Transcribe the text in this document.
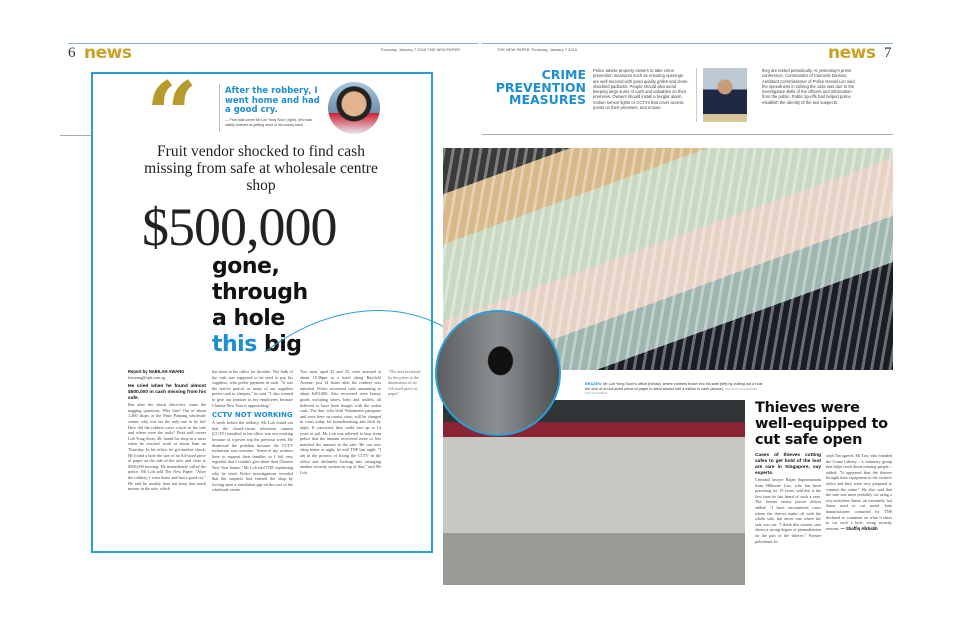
6 news	Thursday, January 7 2016 THE NEW PAPER	THE NEW PAPER Thursday, January 7 2016	news 7
“	After the robbery, I went home and had a good cry.
— Fruit stall owner Mr Loh Yong Soon (right), who was visibly relieved at getting most of his money back
Fruit vendor shocked to find cash missing from safe at wholesale centre shop
$500,000
gone,
through
a hole
this big
Report by NABILAH AWANG
fnawang@sph.com.sg
He cried when he found almost $500,000 in cash missing from his safe.
But after the shock discovery came the nagging questions. Why him? Out of about 1,400 shops at the Pasir Panjang wholesale centre, why was his the only one to be hit? How did the robbers carve a hole in his safe and where were the tools? Fruit stall owner Loh Yong Soon, 46, found his shop in a mess when he reached work at about 6am on Thursday. In his office, he got another shock: He found a hole the size of an A4-sized piece of paper on the side of the safe, and close to $500,000 missing. He immediately called the police. Mr Loh told The New Paper: "After the robbery, I went home and had a good cry." He said he usually does not keep that much money in the safe, which
has been in his office for decades. The bulk of the cash was supposed to be used to pay his suppliers, who prefer payment in cash. "It was the festive period, as many of our suppliers prefer cash to cheques," he said. "I also wanted to give out bonuses to my employees because Chinese New Year is approaching."
CCTV NOT WORKING
A week before the robbery, Mr Loh found out that the closed-circuit television camera (CCTV) installed in his office was not working because of a power trip the previous week. He dismissed the problem because the CCTV technician was overseas. "Some of my workers have to support their families so I felt very regretful that I couldn't give them their Chinese New Year bonus," Mr Loh told TNP, explaining why he cried. Police investigations revealed that the suspects had entered the shop by forcing open a ventilation gap on the roof of the wholesale centre.
Two men, aged 23 and 25, were arrested at about 10.30pm at a hotel along Rayfield Avenue, just 14 hours after the robbery was reported. Police recovered cash amounting to about $453,000. Also recovered were luxury goods including shoes, belts and wallets, all believed to have been bought with the stolen cash. The duo, who hold Vietnamese passports and were here on tourist visas, will be charged in court today for housebreaking and theft by night. If convicted, they could face up to 14 years in jail. Mr Loh was relieved to hear from police that the amount recovered more or less matched the amount in the safe. He can now sleep better at night, he told TNP last night. "I am in the process of fixing the CCTV in the office and definitely looking into arranging another security system on top of that," said Mr Loh.
"The area breached by the pliers is the dimensions of an A4-sized piece of paper"
CRIME
PREVENTION
MEASURES
Police advise property owners to take crime prevention measures such as ensuring openings are well secured with good quality grilles and close-shackled padlocks. People should also avoid keeping large sums of cash and valuables on their premises. Owners should install a burglar alarm, motion sensor lights or CCTVs that cover access points on their premises, and ensure
they are tested periodically. At yesterday's press conference, Commander of Clementi Division, Assistant Commissioner of Police Gerald Lim said the speediness in solving the case was due to the investigative skills of the officers and information from the public. Public tip-offs had helped police establish the identity of the two suspects.
BRAZEN: Mr Loh Yong Soon's office (below), where robbers broke into his safe (left) by cutting out a hole the size of an A4-sized piece of paper to steal almost half a million in cash (above). PHOTOS: SINGAPORE POLICE FORCE
Thieves were well-equipped to cut safe open
Cases of thieves cutting safes to get hold of the loot are rare in Singapore, say experts.
Criminal lawyer Rajan Supramaniam from Hilborne Law, who has been practising for 15 years, said this is the first time he has heard of such a case. The former senior prison officer added: "I have encountered cases where the thieves make off with the whole safe, but never one where the safe was cut. "I think this current case shows a strong degree of premeditation on the part of the thieves." Former policeman Jo-
seph Tan agreed. Mr Tan, who founded the Crime Library – a voluntary group that helps track down missing people – added: "It appeared that the thieves brought their equipment to the victim's office and they were very prepared to commit the crime." He also said that the safe was most probably cut using a oxy-acetylene flame, an extremely hot flame used to cut metal. Safe manufacturers contacted by TNP declined to comment on what it takes to cut such a hole, citing security reasons. — Shaffiq Alkhatib
